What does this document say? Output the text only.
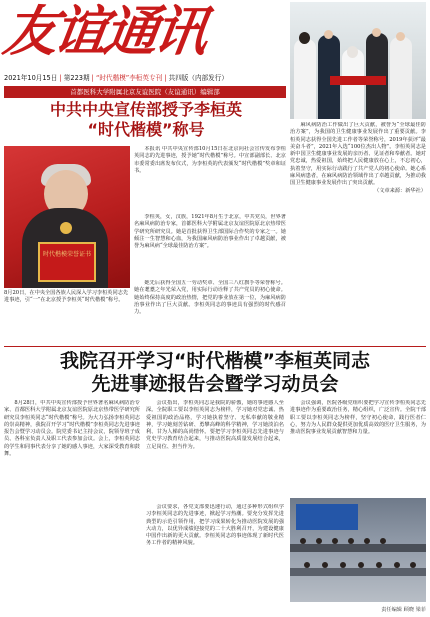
友谊通讯
2021年10月15日 | 第223期 | “时代楷模”李桓英专刊 | 共四版（内部发行）
首都医科大学附属北京友谊医院（友谊通讯）编辑部
中共中央宣传部授予李桓英
“时代楷模”称号
时代楷模荣誉证书
8月20日，在中央全国各族人民深入学习李桓英同志先进事迹，引“一”在北京授予李桓英“时代楷模”称号。

本报讯 中共中央宣传部10月15日在北京向社会宣传发布李桓英同志的先进事迹，授予她“时代楷模”称号。中宣部副部长、北京市委常委出席发布仪式，为李桓英的代表颁发“时代楷模”奖章和证书。

李桓英，女，汉族，1921年8月生于北京，中共党员，世界著名麻风病防治专家，首都医科大学附属北京友谊医院原北京热带医学研究所研究员。她是首批获得卫生部国际合作奖的专家之一。她倾注一生智慧和心血，为我国麻风病防治事业作出了卓越贡献，被誉为麻风病“全球最佳防治方案”。

她先后获得全国五一劳动奖章、全国三八红旗手等荣誉称号。她在耄耋之年光荣入党，用实际行动诠释了共产党员的初心使命。她始终保持高度的政治热情，把党的事业放在第一位，为麻风病防治事业作出了巨大贡献。李桓英同志的事迹具有强烈的时代感召力。

麻风病防治工作做出了巨大贡献，被誉为“全球最佳防治方案”，为我国的卫生健康事业发展作出了重要贡献。李桓英同志获得全国先进工作者等荣誉称号，2019年获评“最美奋斗者”，2021年入选“100位杰出人物”。李桓英同志是新中国卫生健康事业发展的亲历者、见证者和奉献者。她对党忠诚，热爱祖国，始终把人民健康放在心上，不忘初心，执着坚守，用实际行动践行了共产党人的初心使命。她心系麻风病患者，在麻风病防治领域作出了卓越贡献，为推动我国卫生健康事业发展作出了突出贡献。

（文章来源：新华社）
我院召开学习“时代楷模”李桓英同志
先进事迹报告会暨学习动员会

8月28日，中共中央宣传部授予世界著名麻风病防治专家、首都医科大学附属北京友谊医院原北京热带医学研究所研究员李桓英同志“时代楷模”称号。为大力弘扬李桓英同志的崇高精神，我院召开学习“时代楷模”李桓英同志先进事迹报告会暨学习动员会。院党委书记主持会议，院领导班子成员、各科室负责人及职工代表参加会议。会上，李桓英同志的学生和同事代表分享了她的感人事迹，大家深受教育和鼓舞。

会议指出，李桓英同志是我院的骄傲，她的事迹感人至深。全院职工要以李桓英同志为榜样，学习她对党忠诚、热爱祖国的政治品格，学习她执着坚守、无私奉献的敬业精神，学习她刻苦钻研、勇攀高峰的科学精神，学习她淡泊名利、甘为人梯的高尚情怀。要把学习李桓英同志先进事迹与党史学习教育结合起来，与推动医院高质量发展结合起来，立足岗位、担当作为。

会议要求，各党支部要迅速行动，通过多种形式组织学习李桓英同志的先进事迹，掀起学习热潮。要充分发挥先进典型的示范引领作用，把学习成果转化为推动医院发展的强大动力，以优异成绩迎接党的二十大胜利召开，为建设健康中国作出新的更大贡献。李桓英同志的事迹体现了新时代医务工作者的精神风貌。

会议强调，医院各级党组织要把学习宣传李桓英同志先进事迹作为重要政治任务，精心组织，广泛宣传。全院干部职工要以李桓英同志为榜样，坚守初心使命，践行医者仁心，努力为人民群众提供更加优质高效的医疗卫生服务，为推动医院事业发展贡献智慧和力量。

责任编辑 顾晓 梁菲
